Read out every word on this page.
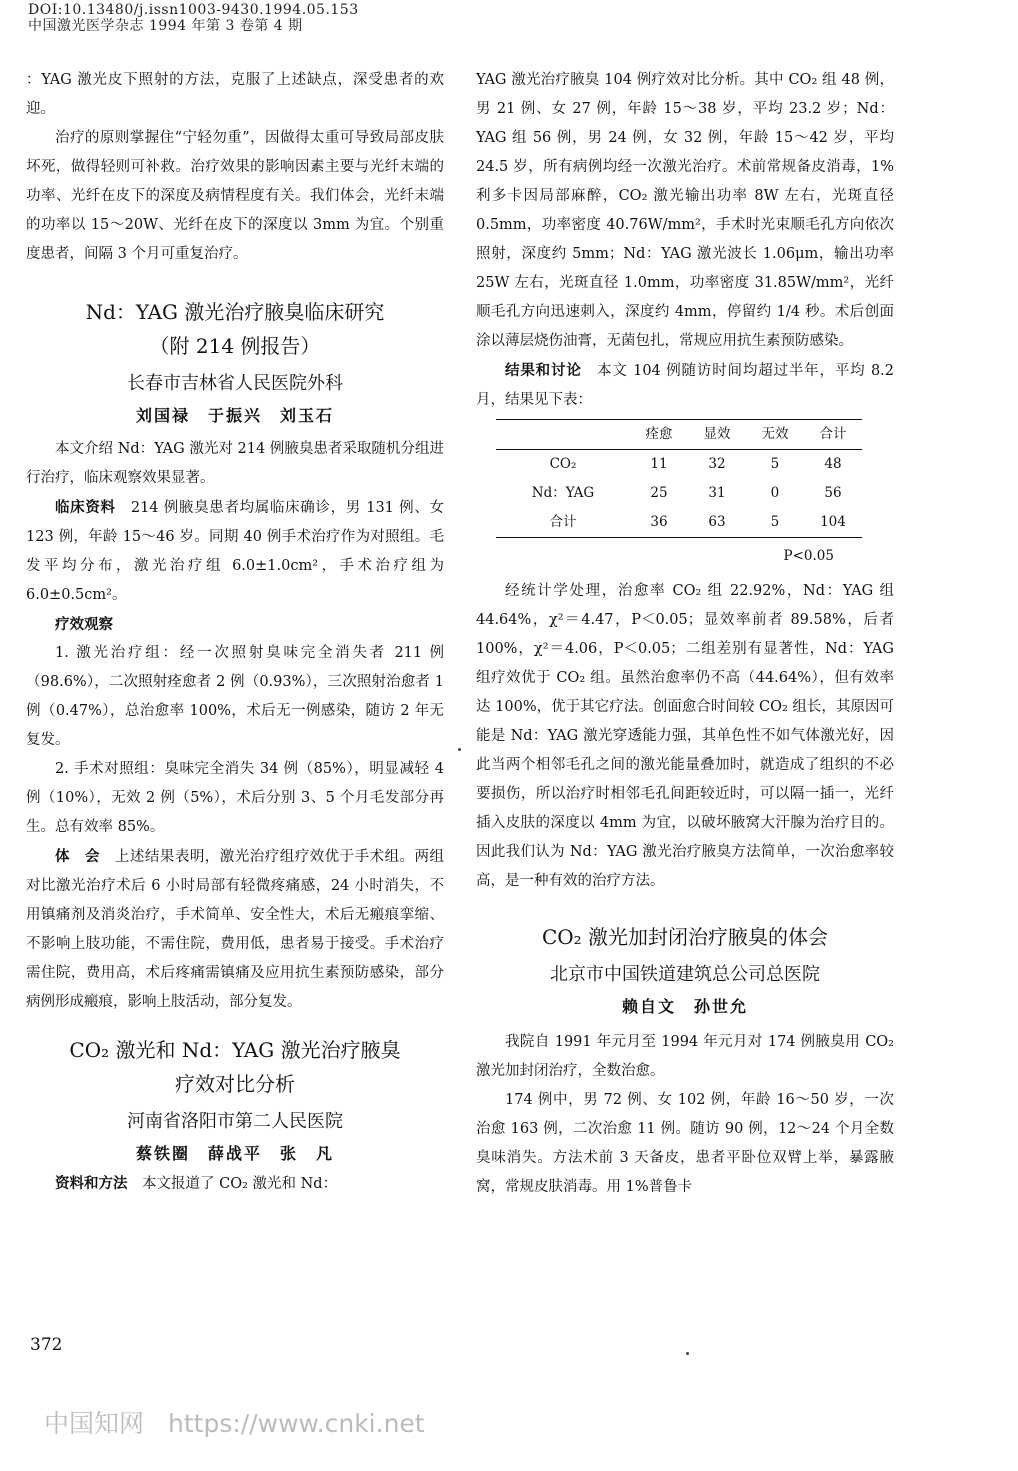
DOI:10.13480/j.issn1003-9430.1994.05.153
中国激光医学杂志 1994 年第 3 卷第 4 期

：YAG 激光皮下照射的方法，克服了上述缺点，深受患者的欢迎。

治疗的原则掌握住“宁轻勿重”，因做得太重可导致局部皮肤坏死，做得轻则可补救。治疗效果的影响因素主要与光纤末端的功率、光纤在皮下的深度及病情程度有关。我们体会，光纤末端的功率以 15～20W、光纤在皮下的深度以 3mm 为宜。个别重度患者，间隔 3 个月可重复治疗。

Nd：YAG 激光治疗腋臭临床研究

（附 214 例报告）

长春市吉林省人民医院外科

刘国禄　于振兴　刘玉石

本文介绍 Nd：YAG 激光对 214 例腋臭患者采取随机分组进行治疗，临床观察效果显著。

临床资料　214 例腋臭患者均属临床确诊，男 131 例、女 123 例，年龄 15～46 岁。同期 40 例手术治疗作为对照组。毛发平均分布，激光治疗组 6.0±1.0cm²，手术治疗组为 6.0±0.5cm²。

疗效观察

1. 激光治疗组：经一次照射臭味完全消失者 211 例（98.6%），二次照射痊愈者 2 例（0.93%），三次照射治愈者 1 例（0.47%），总治愈率 100%，术后无一例感染，随访 2 年无复发。

2. 手术对照组：臭味完全消失 34 例（85%），明显减轻 4 例（10%），无效 2 例（5%），术后分别 3、5 个月毛发部分再生。总有效率 85%。

体　会　上述结果表明，激光治疗组疗效优于手术组。两组对比激光治疗术后 6 小时局部有轻微疼痛感，24 小时消失，不用镇痛剂及消炎治疗，手术简单、安全性大，术后无瘢痕挛缩、不影响上肢功能，不需住院，费用低，患者易于接受。手术治疗需住院，费用高，术后疼痛需镇痛及应用抗生素预防感染，部分病例形成瘢痕，影响上肢活动，部分复发。

CO₂ 激光和 Nd：YAG 激光治疗腋臭

疗效对比分析

河南省洛阳市第二人民医院

蔡铁圈　薛战平　张　凡

资料和方法　本文报道了 CO₂ 激光和 Nd：

372

YAG 激光治疗腋臭 104 例疗效对比分析。其中 CO₂ 组 48 例，男 21 例、女 27 例，年龄 15～38 岁，平均 23.2 岁；Nd：YAG 组 56 例，男 24 例，女 32 例，年龄 15～42 岁，平均 24.5 岁，所有病例均经一次激光治疗。术前常规备皮消毒，1%利多卡因局部麻醉，CO₂ 激光输出功率 8W 左右，光斑直径 0.5mm，功率密度 40.76W/mm²，手术时光束顺毛孔方向依次照射，深度约 5mm；Nd：YAG 激光波长 1.06μm，输出功率 25W 左右，光斑直径 1.0mm，功率密度 31.85W/mm²，光纤顺毛孔方向迅速刺入，深度约 4mm，停留约 1/4 秒。术后创面涂以薄层烧伤油膏，无菌包扎，常规应用抗生素预防感染。

结果和讨论　本文 104 例随访时间均超过半年，平均 8.2 月，结果见下表：

	痊愈	显效	无效	合计
CO₂	11	32	5	48
Nd：YAG	25	31	0	56
合计	36	63	5	104

P<0.05

经统计学处理，治愈率 CO₂ 组 22.92%，Nd：YAG 组 44.64%，χ²＝4.47，P＜0.05；显效率前者 89.58%，后者 100%，χ²＝4.06，P＜0.05；二组差别有显著性，Nd：YAG 组疗效优于 CO₂ 组。虽然治愈率仍不高（44.64%），但有效率达 100%，优于其它疗法。创面愈合时间较 CO₂ 组长，其原因可能是 Nd：YAG 激光穿透能力强，其单色性不如气体激光好，因此当两个相邻毛孔之间的激光能量叠加时，就造成了组织的不必要损伤，所以治疗时相邻毛孔间距较近时，可以隔一插一，光纤插入皮肤的深度以 4mm 为宜，以破坏腋窝大汗腺为治疗目的。因此我们认为 Nd：YAG 激光治疗腋臭方法简单，一次治愈率较高，是一种有效的治疗方法。

CO₂ 激光加封闭治疗腋臭的体会

北京市中国铁道建筑总公司总医院

赖自文　孙世允

我院自 1991 年元月至 1994 年元月对 174 例腋臭用 CO₂ 激光加封闭治疗，全数治愈。

174 例中，男 72 例、女 102 例，年龄 16～50 岁，一次治愈 163 例，二次治愈 11 例。随访 90 例，12～24 个月全数臭味消失。方法术前 3 天备皮，患者平卧位双臂上举，暴露腋窝，常规皮肤消毒。用 1%普鲁卡

中国知网 https://www.cnki.net
